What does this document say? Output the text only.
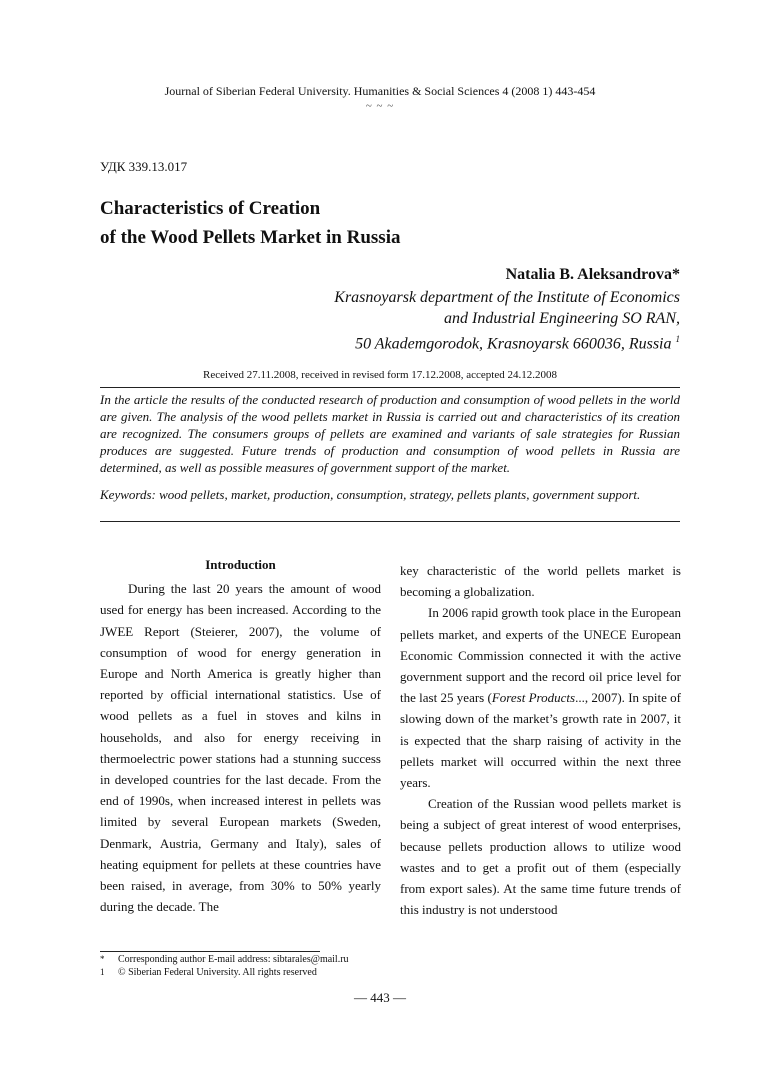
Journal of Siberian Federal University. Humanities & Social Sciences 4 (2008 1) 443-454
~ ~ ~
УДК 339.13.017
Characteristics of Creation
of the Wood Pellets Market in Russia
Natalia B. Aleksandrova*
Krasnoyarsk department of the Institute of Economics
and Industrial Engineering SO RAN,
50 Akademgorodok, Krasnoyarsk 660036, Russia $^1$
Received 27.11.2008, received in revised form 17.12.2008, accepted 24.12.2008
In the article the results of the conducted research of production and consumption of wood pellets in the world are given. The analysis of the wood pellets market in Russia is carried out and characteristics of its creation are recognized. The consumers groups of pellets are examined and variants of sale strategies for Russian produces are suggested. Future trends of production and consumption of wood pellets in Russia are determined, as well as possible measures of government support of the market.
Keywords: wood pellets, market, production, consumption, strategy, pellets plants, government support.

Introduction

During the last 20 years the amount of wood used for energy has been increased. According to the JWEE Report (Steierer, 2007), the volume of consumption of wood for energy generation in Europe and North America is greatly higher than reported by official international statistics. Use of wood pellets as a fuel in stoves and kilns in households, and also for energy receiving in thermoelectric power stations had a stunning success in developed countries for the last decade. From the end of 1990s, when increased interest in pellets was limited by several European markets (Sweden, Denmark, Austria, Germany and Italy), sales of heating equipment for pellets at these countries have been raised, in average, from 30% to 50% yearly during the decade. The

key characteristic of the world pellets market is becoming a globalization.

In 2006 rapid growth took place in the European pellets market, and experts of the UNECE European Economic Commission connected it with the active government support and the record oil price level for the last 25 years (Forest Products..., 2007). In spite of slowing down of the market’s growth rate in 2007, it is expected that the sharp raising of activity in the pellets market will occurred within the next three years.

Creation of the Russian wood pellets market is being a subject of great interest of wood enterprises, because pellets production allows to utilize wood wastes and to get a profit out of them (especially from export sales). At the same time future trends of this industry is not understood

* Corresponding author E-mail address: sibtarales@mail.ru
1 © Siberian Federal University. All rights reserved
— 443 —
